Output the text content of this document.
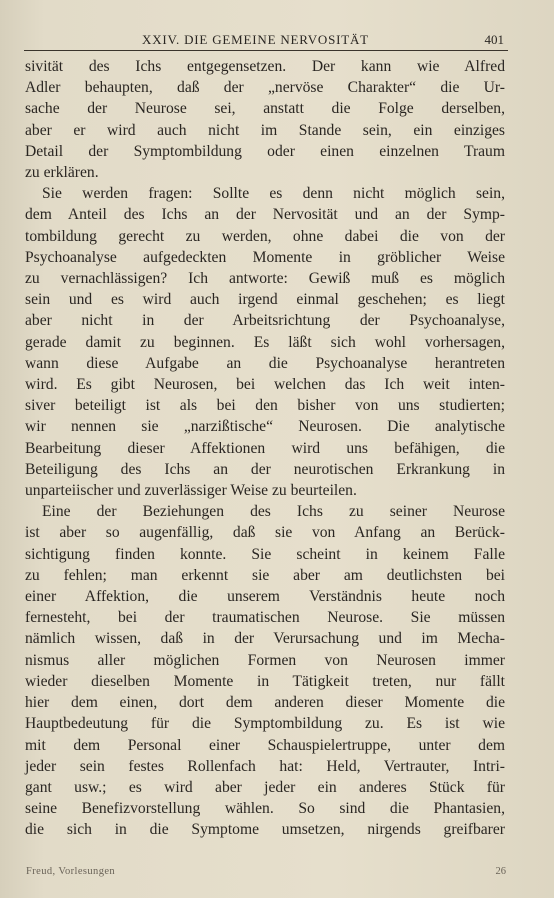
XXIV. DIE GEMEINE NERVOSITÄT	401
sivität des Ichs entgegensetzen. Der kann wie Alfred
Adler behaupten, daß der „nervöse Charakter“ die Ur-
sache der Neurose sei, anstatt die Folge derselben,
aber er wird auch nicht im Stande sein, ein einziges
Detail der Symptombildung oder einen einzelnen Traum
zu erklären.
Sie werden fragen: Sollte es denn nicht möglich sein,
dem Anteil des Ichs an der Nervosität und an der Symp-
tombildung gerecht zu werden, ohne dabei die von der
Psychoanalyse aufgedeckten Momente in gröblicher Weise
zu vernachlässigen? Ich antworte: Gewiß muß es möglich
sein und es wird auch irgend einmal geschehen; es liegt
aber nicht in der Arbeitsrichtung der Psychoanalyse,
gerade damit zu beginnen. Es läßt sich wohl vorhersagen,
wann diese Aufgabe an die Psychoanalyse herantreten
wird. Es gibt Neurosen, bei welchen das Ich weit inten-
siver beteiligt ist als bei den bisher von uns studierten;
wir nennen sie „narzißtische“ Neurosen. Die analytische
Bearbeitung dieser Affektionen wird uns befähigen, die
Beteiligung des Ichs an der neurotischen Erkrankung in
unparteiischer und zuverlässiger Weise zu beurteilen.
Eine der Beziehungen des Ichs zu seiner Neurose
ist aber so augenfällig, daß sie von Anfang an Berück-
sichtigung finden konnte. Sie scheint in keinem Falle
zu fehlen; man erkennt sie aber am deutlichsten bei
einer Affektion, die unserem Verständnis heute noch
fernesteht, bei der traumatischen Neurose. Sie müssen
nämlich wissen, daß in der Verursachung und im Mecha-
nismus aller möglichen Formen von Neurosen immer
wieder dieselben Momente in Tätigkeit treten, nur fällt
hier dem einen, dort dem anderen dieser Momente die
Hauptbedeutung für die Symptombildung zu. Es ist wie
mit dem Personal einer Schauspielertruppe, unter dem
jeder sein festes Rollenfach hat: Held, Vertrauter, Intri-
gant usw.; es wird aber jeder ein anderes Stück für
seine Benefizvorstellung wählen. So sind die Phantasien,
die sich in die Symptome umsetzen, nirgends greifbarer
Freud, Vorlesungen	26
